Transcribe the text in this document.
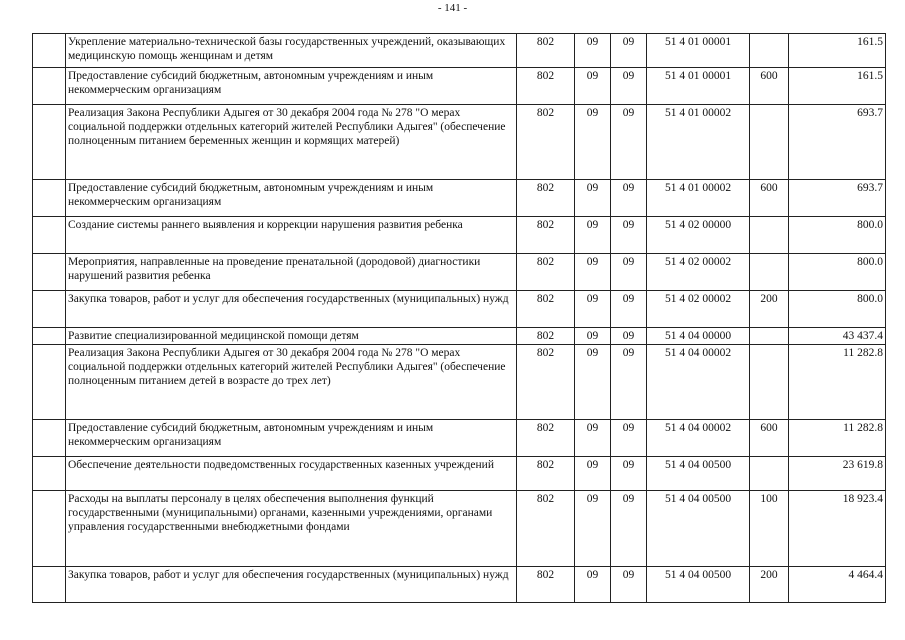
- 141 -
	Укрепление материально-технической базы государственных учреждений, оказывающих медицинскую помощь женщинам и детям	802	09	09	51 4 01 00001		161.5
	Предоставление субсидий бюджетным, автономным учреждениям и иным некоммерческим организациям	802	09	09	51 4 01 00001	600	161.5
	Реализация Закона Республики Адыгея от 30 декабря 2004 года № 278 "О мерах социальной поддержки отдельных категорий жителей Республики Адыгея" (обеспечение полноценным питанием беременных женщин и кормящих матерей)	802	09	09	51 4 01 00002		693.7
	Предоставление субсидий бюджетным, автономным учреждениям и иным некоммерческим организациям	802	09	09	51 4 01 00002	600	693.7
	Создание системы раннего выявления и коррекции нарушения развития ребенка	802	09	09	51 4 02 00000		800.0
	Мероприятия, направленные на проведение пренатальной (дородовой) диагностики нарушений развития ребенка	802	09	09	51 4 02 00002		800.0
	Закупка товаров, работ и услуг для обеспечения государственных (муниципальных) нужд	802	09	09	51 4 02 00002	200	800.0
	Развитие специализированной медицинской помощи детям	802	09	09	51 4 04 00000		43 437.4
	Реализация Закона Республики Адыгея от 30 декабря 2004 года № 278 "О мерах социальной поддержки отдельных категорий жителей Республики Адыгея" (обеспечение полноценным питанием детей в возрасте до трех лет)	802	09	09	51 4 04 00002		11 282.8
	Предоставление субсидий бюджетным, автономным учреждениям и иным некоммерческим организациям	802	09	09	51 4 04 00002	600	11 282.8
	Обеспечение деятельности подведомственных государственных казенных учреждений	802	09	09	51 4 04 00500		23 619.8
	Расходы на выплаты персоналу в целях обеспечения выполнения функций государственными (муниципальными) органами, казенными учреждениями, органами управления государственными внебюджетными фондами	802	09	09	51 4 04 00500	100	18 923.4
	Закупка товаров, работ и услуг для обеспечения государственных (муниципальных) нужд	802	09	09	51 4 04 00500	200	4 464.4
